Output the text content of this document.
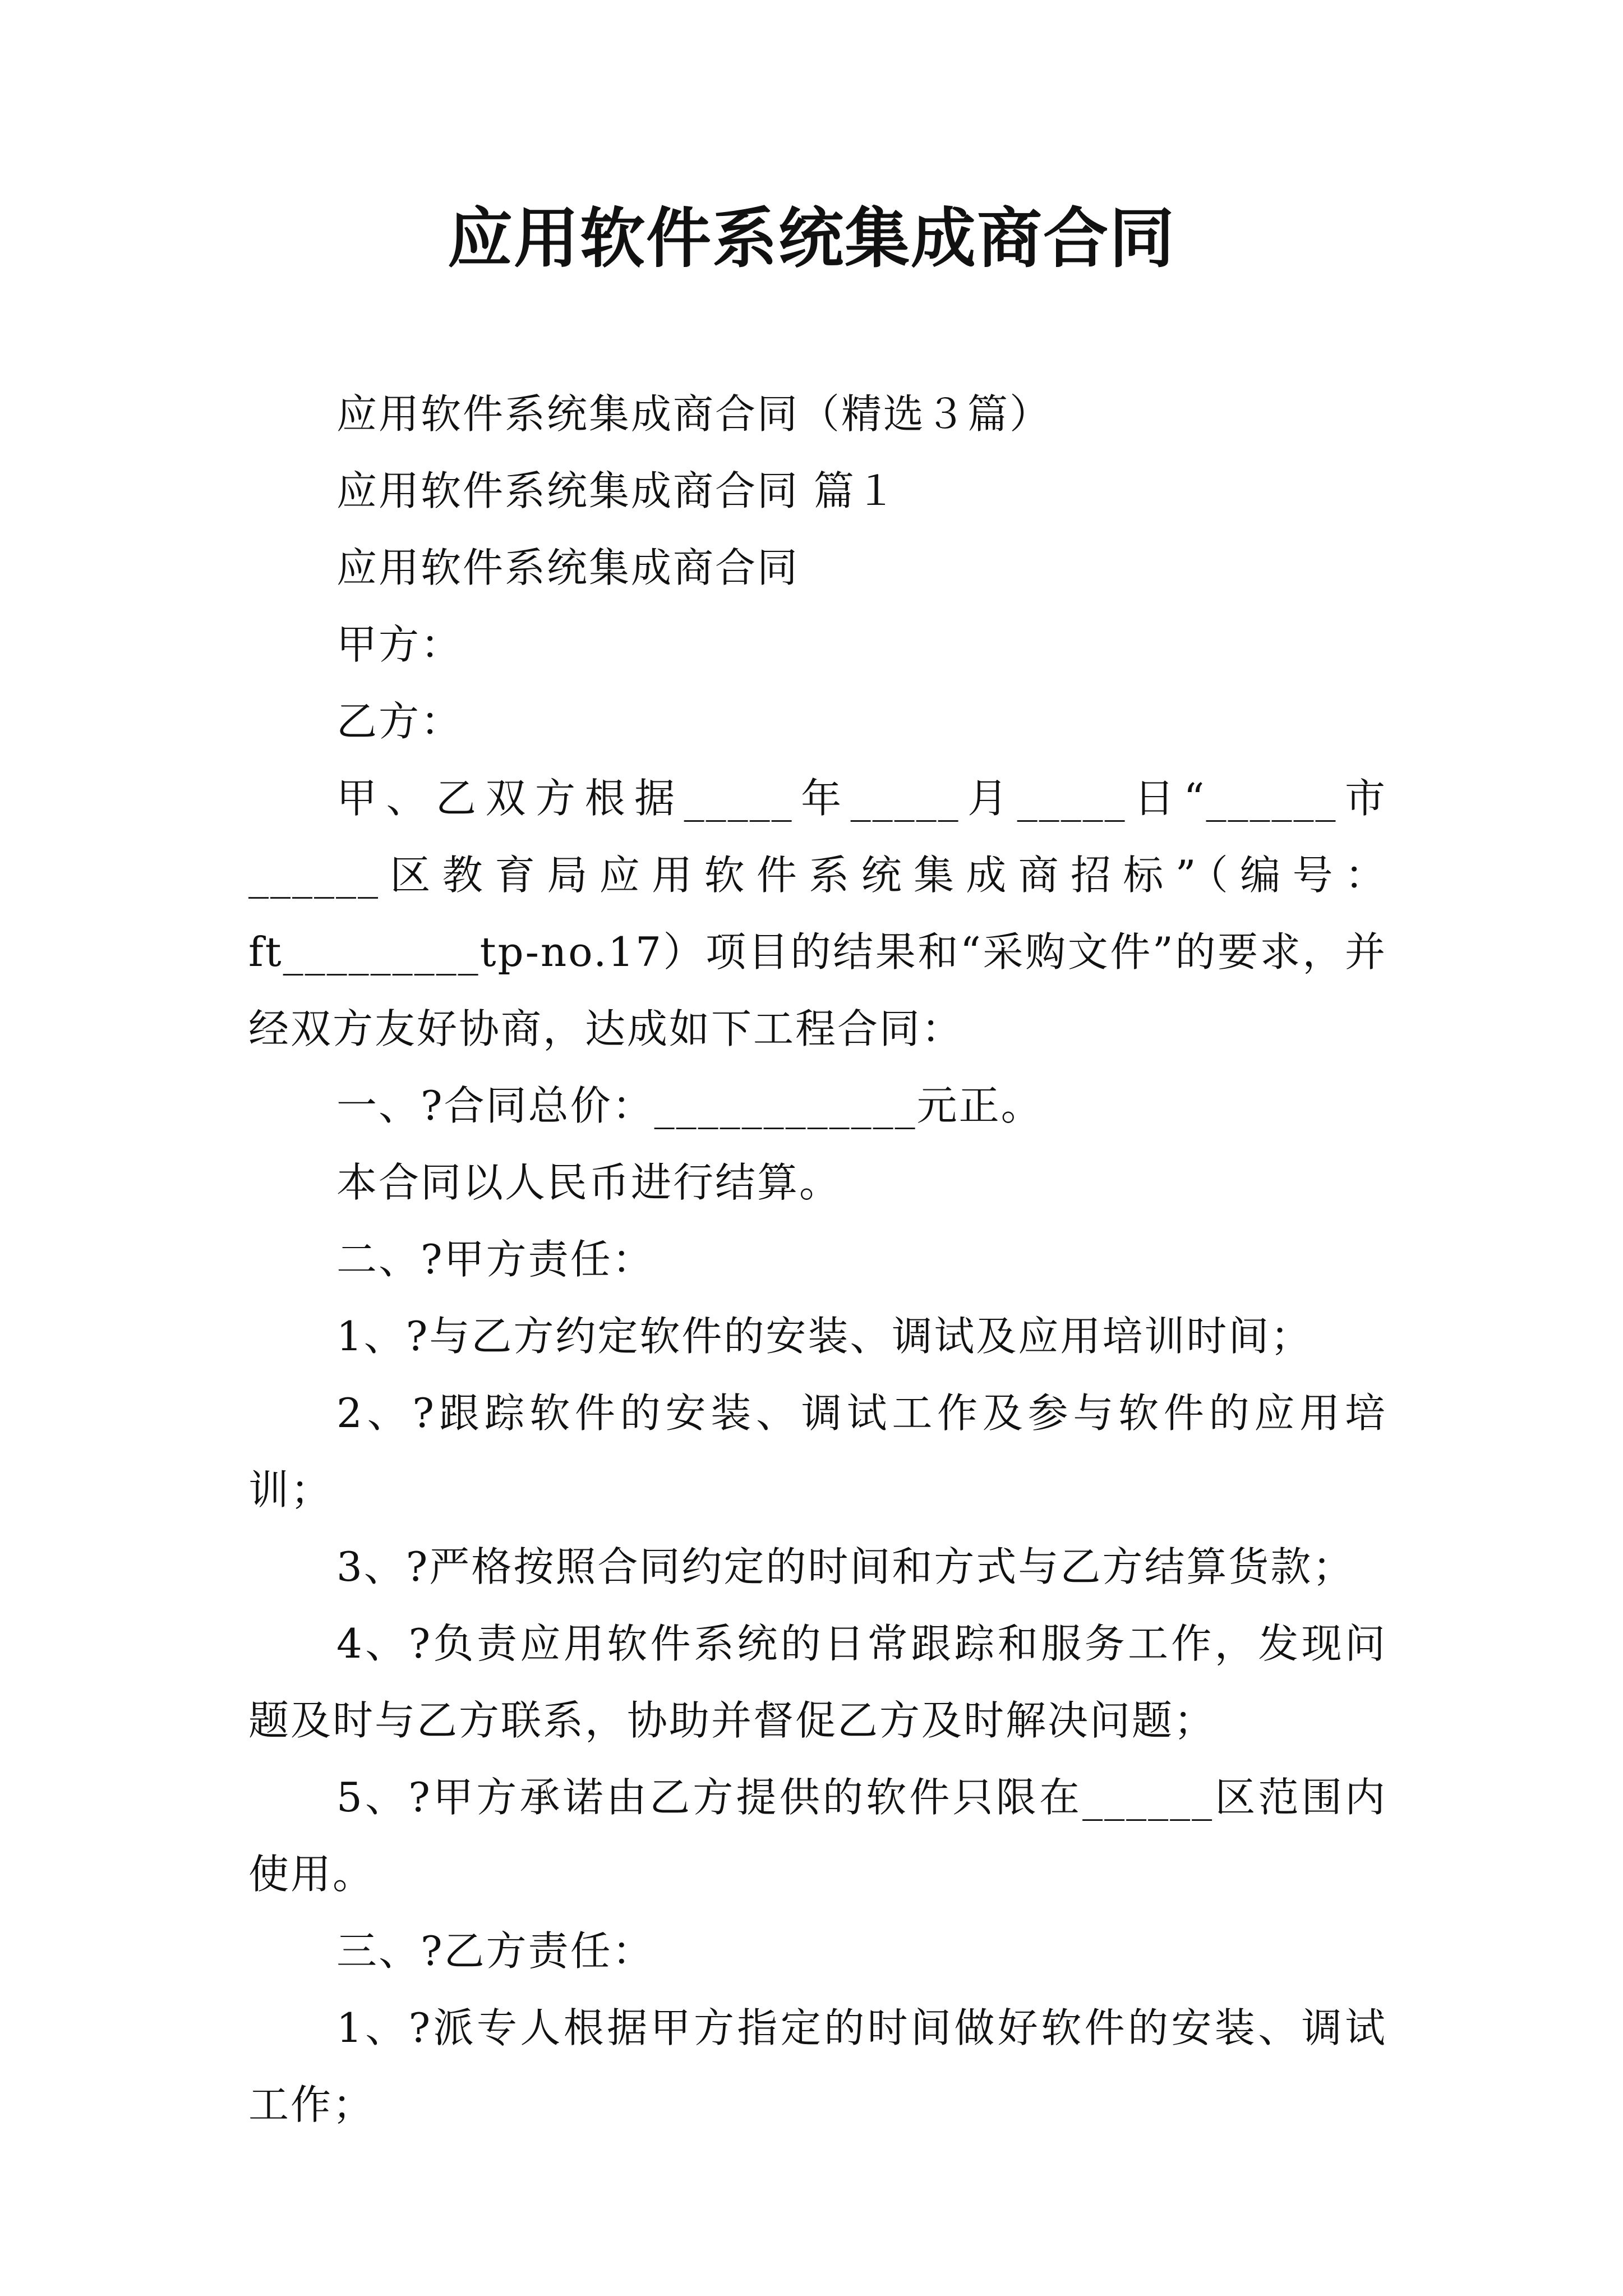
应用软件系统集成商合同

应用软件系统集成商合同（精选３篇）

应用软件系统集成商合同 篇１

应用软件系统集成商合同

甲方：

乙方：

甲、乙双方根据_____年_____月_____日“______市______区教育局应用软件系统集成商招标”（编号：ft_________tp-no.17）项目的结果和“采购文件”的要求，并经双方友好协商，达成如下工程合同：

一、?合同总价：____________元正。

本合同以人民币进行结算。

二、?甲方责任：

1、?与乙方约定软件的安装、调试及应用培训时间；

2、?跟踪软件的安装、调试工作及参与软件的应用培训；

3、?严格按照合同约定的时间和方式与乙方结算货款；

4、?负责应用软件系统的日常跟踪和服务工作，发现问题及时与乙方联系，协助并督促乙方及时解决问题；

5、?甲方承诺由乙方提供的软件只限在______区范围内使用。

三、?乙方责任：

1、?派专人根据甲方指定的时间做好软件的安装、调试工作；
